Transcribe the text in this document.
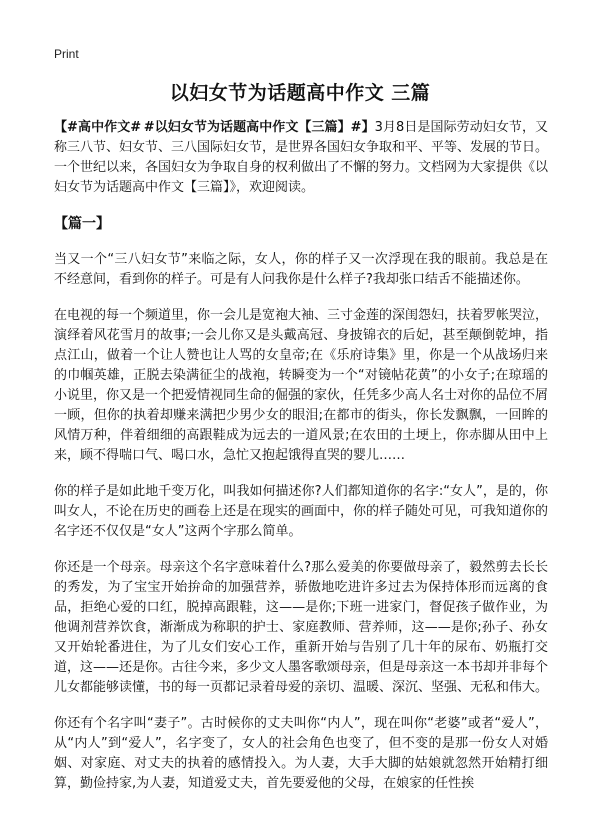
Print
以妇女节为话题高中作文 三篇

【#高中作文# #以妇女节为话题高中作文【三篇】#】3月8日是国际劳动妇女节，又称三八节、妇女节、三八国际妇女节，是世界各国妇女争取和平、平等、发展的节日。一个世纪以来，各国妇女为争取自身的权利做出了不懈的努力。文档网为大家提供《以妇女节为话题高中作文【三篇】》，欢迎阅读。

【篇一】

当又一个“三八妇女节”来临之际，女人，你的样子又一次浮现在我的眼前。我总是在不经意间，看到你的样子。可是有人问我你是什么样子?我却张口结舌不能描述你。

在电视的每一个频道里，你一会儿是宽袍大袖、三寸金莲的深闺怨妇，扶着罗帐哭泣，演绎着风花雪月的故事;一会儿你又是头戴高冠、身披锦衣的后妃，甚至颠倒乾坤，指点江山，做着一个让人赞也让人骂的女皇帝;在《乐府诗集》里，你是一个从战场归来的巾帼英雄，正脱去染满征尘的战袍，转瞬变为一个“对镜帖花黄”的小女子;在琼瑶的小说里，你又是一个把爱情视同生命的倔强的家伙，任凭多少高人名士对你的品位不屑一顾，但你的执着却赚来满把少男少女的眼泪;在都市的街头，你长发飘飘，一回眸的风情万种，伴着细细的高跟鞋成为远去的一道风景;在农田的土埂上，你赤脚从田中上来，顾不得喘口气、喝口水，急忙又抱起饿得直哭的婴儿……

你的样子是如此地千变万化，叫我如何描述你?人们都知道你的名字:“女人”，是的，你叫女人，不论在历史的画卷上还是在现实的画面中，你的样子随处可见，可我知道你的名字还不仅仅是“女人”这两个字那么简单。

你还是一个母亲。母亲这个名字意味着什么?那么爱美的你要做母亲了，毅然剪去长长的秀发，为了宝宝开始拚命的加强营养，骄傲地吃进许多过去为保持体形而远离的食品，拒绝心爱的口红，脱掉高跟鞋，这——是你;下班一进家门，督促孩子做作业，为他调剂营养饮食，渐渐成为称职的护士、家庭教师、营养师，这——是你;孙子、孙女又开始轮番进住，为了儿女们安心工作，重新开始与告别了几十年的尿布、奶瓶打交道，这——还是你。古往今来，多少文人墨客歌颂母亲，但是母亲这一本书却并非每个儿女都能够读懂，书的每一页都记录着母爱的亲切、温暖、深沉、坚强、无私和伟大。

你还有个名字叫“妻子”。古时候你的丈夫叫你“内人”，现在叫你“老婆”或者“爱人”，从“内人”到“爱人”，名字变了，女人的社会角色也变了，但不变的是那一份女人对婚姻、对家庭、对丈夫的执着的感情投入。为人妻，大手大脚的姑娘就忽然开始精打细算，勤俭持家,为人妻，知道爱丈夫，首先要爱他的父母，在娘家的任性挨
